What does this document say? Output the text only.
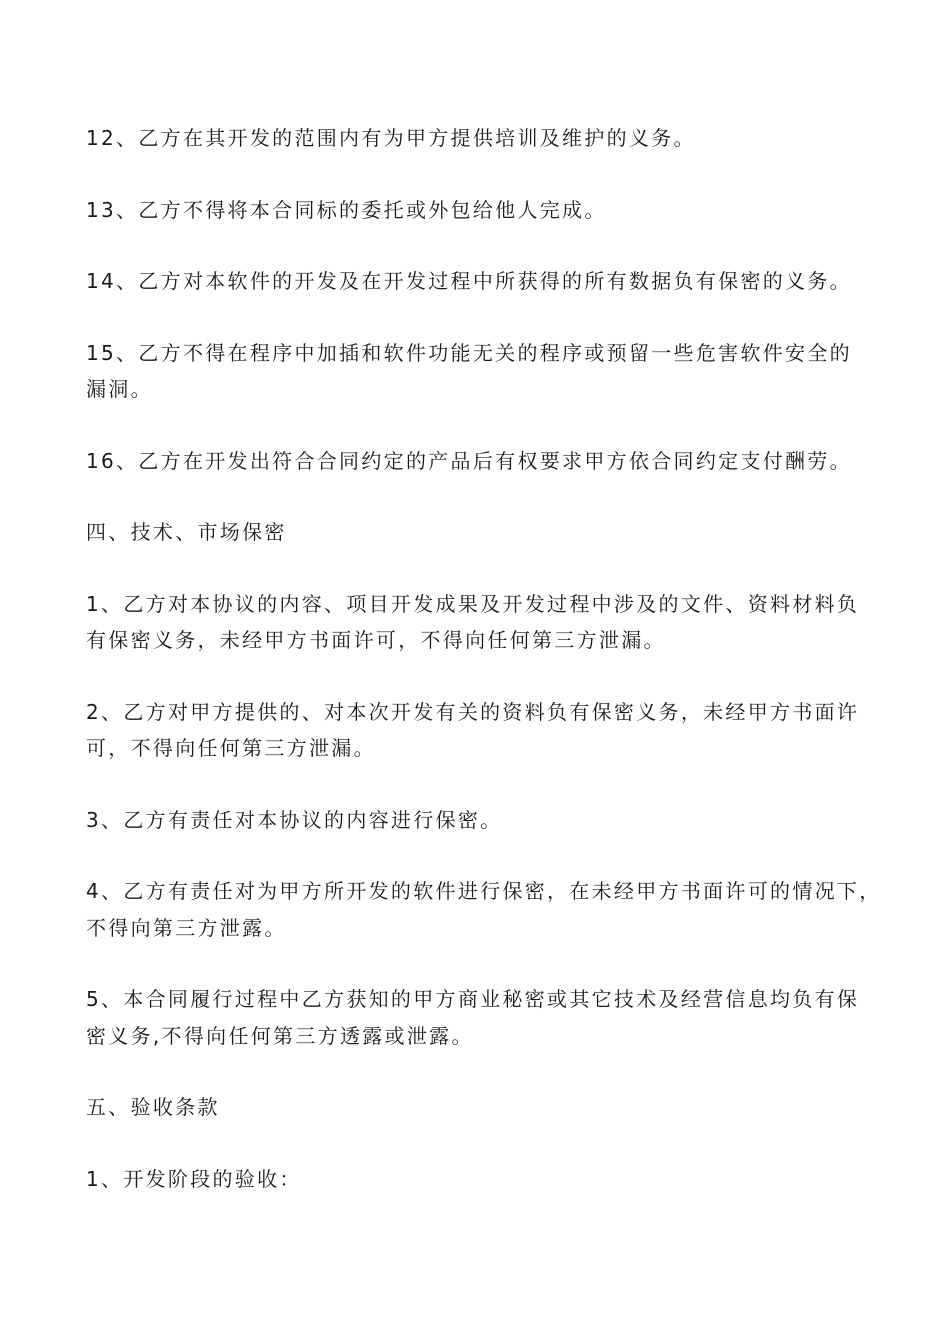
12、乙方在其开发的范围内有为甲方提供培训及维护的义务。

13、乙方不得将本合同标的委托或外包给他人完成。

14、乙方对本软件的开发及在开发过程中所获得的所有数据负有保密的义务。

15、乙方不得在程序中加插和软件功能无关的程序或预留一些危害软件安全的
漏洞。

16、乙方在开发出符合合同约定的产品后有权要求甲方依合同约定支付酬劳。

四、技术、市场保密

1、乙方对本协议的内容、项目开发成果及开发过程中涉及的文件、资料材料负
有保密义务，未经甲方书面许可，不得向任何第三方泄漏。

2、乙方对甲方提供的、对本次开发有关的资料负有保密义务，未经甲方书面许
可，不得向任何第三方泄漏。

3、乙方有责任对本协议的内容进行保密。

4、乙方有责任对为甲方所开发的软件进行保密，在未经甲方书面许可的情况下，
不得向第三方泄露。

5、本合同履行过程中乙方获知的甲方商业秘密或其它技术及经营信息均负有保
密义务,不得向任何第三方透露或泄露。

五、验收条款

1、开发阶段的验收：
